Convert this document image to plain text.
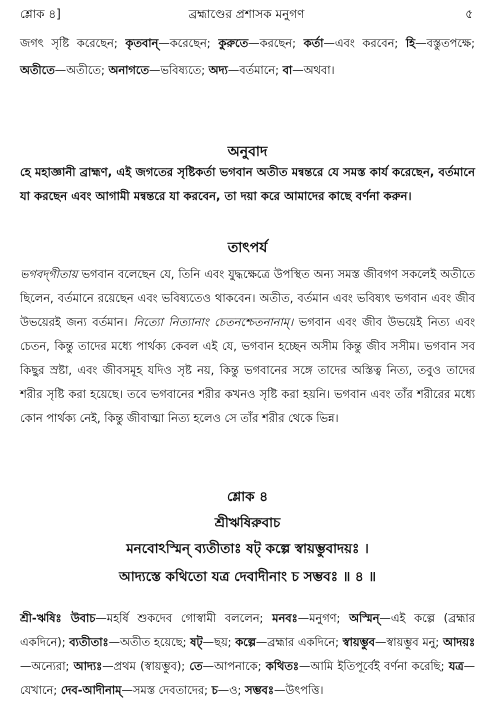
শ্লোক ৪]	ব্রহ্মাণ্ডের প্রশাসক মনুগণ	৫

জগৎ সৃষ্টি করেছেন; কৃতবান্—করেছেন; কুরুতে—করছেন; কর্তা—এবং করবেন; হি—বস্তুতপক্ষে; অতীতে—অতীতে; অনাগতে—ভবিষ্যতে; অদ্য—বর্তমানে; বা—অথবা।

অনুবাদ

হে মহাজ্ঞানী ব্রাহ্মণ, এই জগতের সৃষ্টিকর্তা ভগবান অতীত মন্বন্তরে যে সমস্ত কার্য করেছেন, বর্তমানে যা করছেন এবং আগামী মন্বন্তরে যা করবেন, তা দয়া করে আমাদের কাছে বর্ণনা করুন।

তাৎপর্য

ভগবদ্‌গীতায় ভগবান বলেছেন যে, তিনি এবং যুদ্ধক্ষেত্রে উপস্থিত অন্য সমস্ত জীবগণ সকলেই অতীতে ছিলেন, বর্তমানে রয়েছেন এবং ভবিষ্যতেও থাকবেন। অতীত, বর্তমান এবং ভবিষ্যৎ ভগবান এবং জীব উভয়েরই জন্য বর্তমান। নিত্যো নিত্যানাং চেতনশ্চেতনানাম্। ভগবান এবং জীব উভয়েই নিত্য এবং চেতন, কিন্তু তাদের মধ্যে পার্থক্য কেবল এই যে, ভগবান হচ্ছেন অসীম কিন্তু জীব সসীম। ভগবান সব কিছুর স্রষ্টা, এবং জীবসমূহ যদিও সৃষ্ট নয়, কিন্তু ভগবানের সঙ্গে তাদের অস্তিত্ব নিত্য, তবুও তাদের শরীর সৃষ্টি করা হয়েছে। তবে ভগবানের শরীর কখনও সৃষ্টি করা হয়নি। ভগবান এবং তাঁর শরীরের মধ্যে কোন পার্থক্য নেই, কিন্তু জীবাত্মা নিত্য হলেও সে তাঁর শরীর থেকে ভিন্ন।

শ্লোক ৪
শ্রীঋষিরুবাচ
মনবোঽস্মিন্ ব্যতীতাঃ ষট্ কল্পে স্বায়ম্ভুবাদয়ঃ ।
আদ্যস্তে কথিতো যত্র দেবাদীনাং চ সম্ভবঃ ॥ ৪ ॥

শ্রী-ঋষিঃ উবাচ—মহর্ষি শুকদেব গোস্বামী বললেন; মনবঃ—মনুগণ; অস্মিন্—এই কল্পে (ব্রহ্মার একদিনে); ব্যতীতাঃ—অতীত হয়েছে; ষট্—ছয়; কল্পে—ব্রহ্মার একদিনে; স্বায়ম্ভুব—স্বায়ম্ভুব মনু; আদয়ঃ—অন্যেরা; আদ্যঃ—প্রথম (স্বায়ম্ভুব); তে—আপনাকে; কথিতঃ—আমি ইতিপূর্বেই বর্ণনা করেছি; যত্র—যেখানে; দেব-আদীনাম্—সমস্ত দেবতাদের; চ—ও; সম্ভবঃ—উৎপত্তি।
